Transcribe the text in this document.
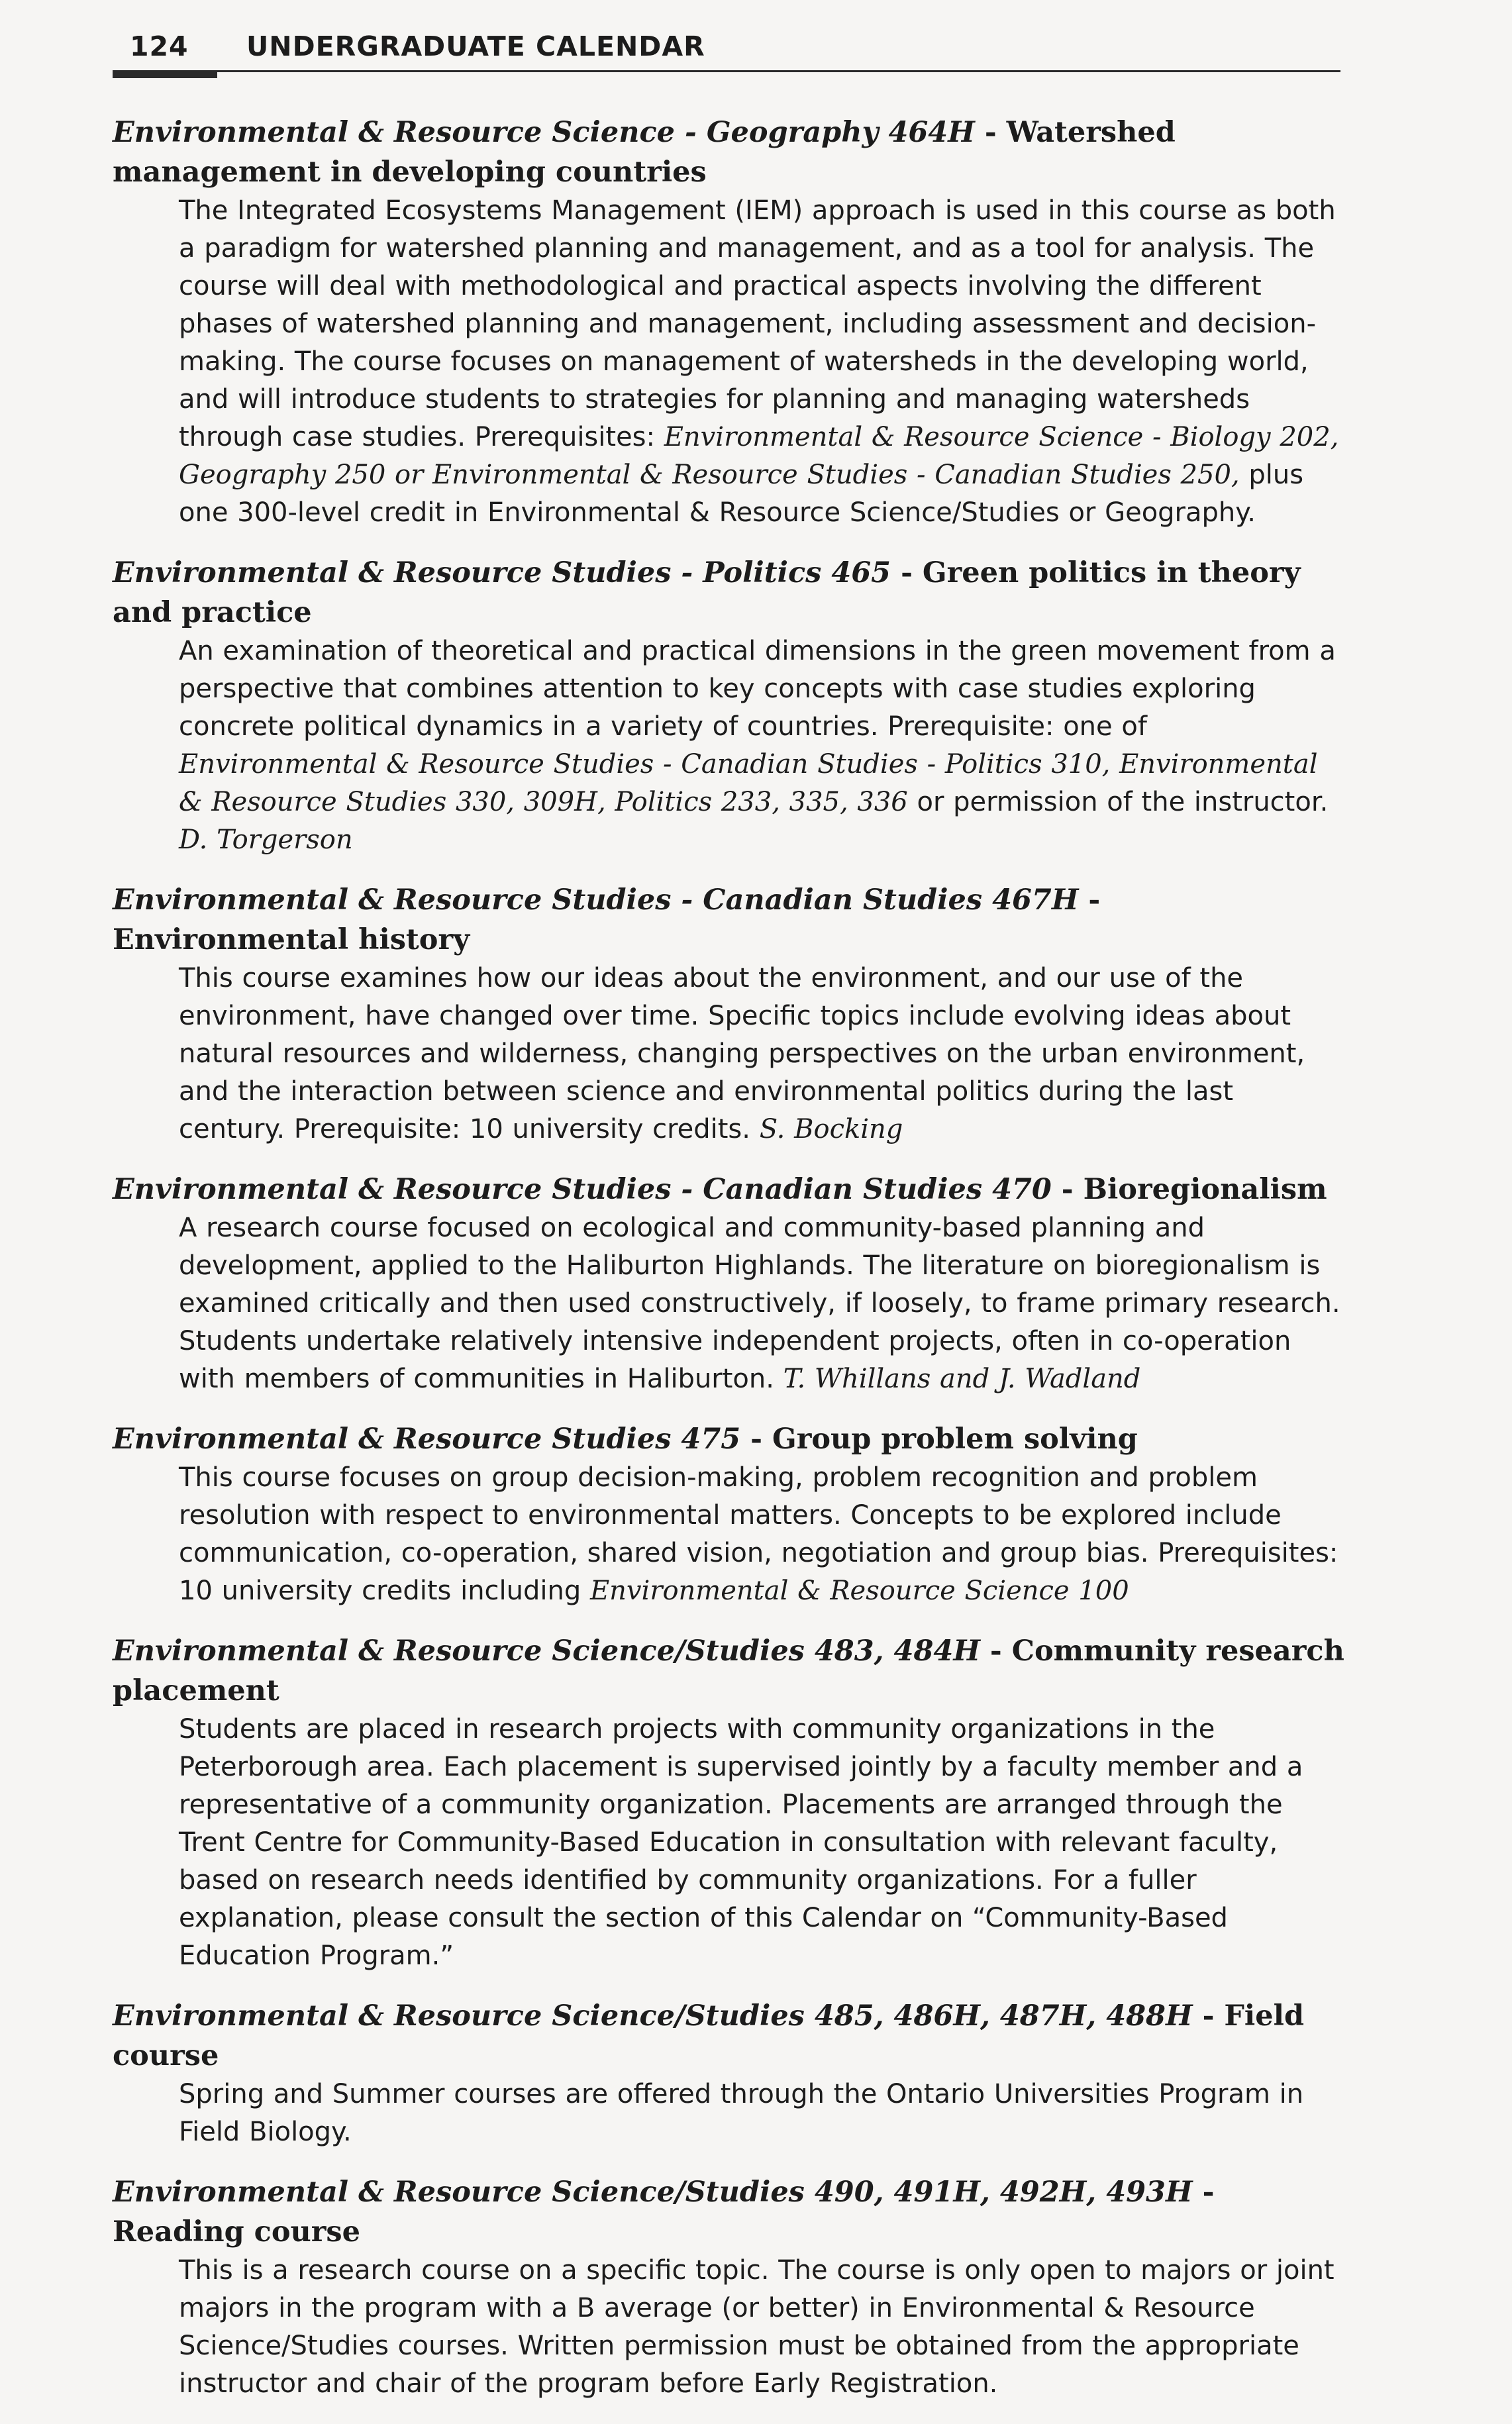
124 UNDERGRADUATE CALENDAR
Environmental & Resource Science - Geography 464H - Watershed management in developing countries
The Integrated Ecosystems Management (IEM) approach is used in this course as both a paradigm for watershed planning and management, and as a tool for analysis. The course will deal with methodological and practical aspects involving the different phases of watershed planning and management, including assessment and decision-making. The course focuses on management of watersheds in the developing world, and will introduce students to strategies for planning and managing watersheds through case studies. Prerequisites: Environmental & Resource Science - Biology 202, Geography 250 or Environmental & Resource Studies - Canadian Studies 250, plus one 300-level credit in Environmental & Resource Science/Studies or Geography.
Environmental & Resource Studies - Politics 465 - Green politics in theory and practice
An examination of theoretical and practical dimensions in the green movement from a perspective that combines attention to key concepts with case studies exploring concrete political dynamics in a variety of countries. Prerequisite: one of Environmental & Resource Studies - Canadian Studies - Politics 310, Environmental & Resource Studies 330, 309H, Politics 233, 335, 336 or permission of the instructor. D. Torgerson
Environmental & Resource Studies - Canadian Studies 467H - Environmental history
This course examines how our ideas about the environment, and our use of the environment, have changed over time. Specific topics include evolving ideas about natural resources and wilderness, changing perspectives on the urban environment, and the interaction between science and environmental politics during the last century. Prerequisite: 10 university credits. S. Bocking
Environmental & Resource Studies - Canadian Studies 470 - Bioregionalism
A research course focused on ecological and community-based planning and development, applied to the Haliburton Highlands. The literature on bioregionalism is examined critically and then used constructively, if loosely, to frame primary research. Students undertake relatively intensive independent projects, often in co-operation with members of communities in Haliburton. T. Whillans and J. Wadland
Environmental & Resource Studies 475 - Group problem solving
This course focuses on group decision-making, problem recognition and problem resolution with respect to environmental matters. Concepts to be explored include communication, co-operation, shared vision, negotiation and group bias. Prerequisites: 10 university credits including Environmental & Resource Science 100
Environmental & Resource Science/Studies 483, 484H - Community research placement
Students are placed in research projects with community organizations in the Peterborough area. Each placement is supervised jointly by a faculty member and a representative of a community organization. Placements are arranged through the Trent Centre for Community-Based Education in consultation with relevant faculty, based on research needs identified by community organizations. For a fuller explanation, please consult the section of this Calendar on “Community-Based Education Program.”
Environmental & Resource Science/Studies 485, 486H, 487H, 488H - Field course
Spring and Summer courses are offered through the Ontario Universities Program in Field Biology.
Environmental & Resource Science/Studies 490, 491H, 492H, 493H - Reading course
This is a research course on a specific topic. The course is only open to majors or joint majors in the program with a B average (or better) in Environmental & Resource Science/Studies courses. Written permission must be obtained from the appropriate instructor and chair of the program before Early Registration.
